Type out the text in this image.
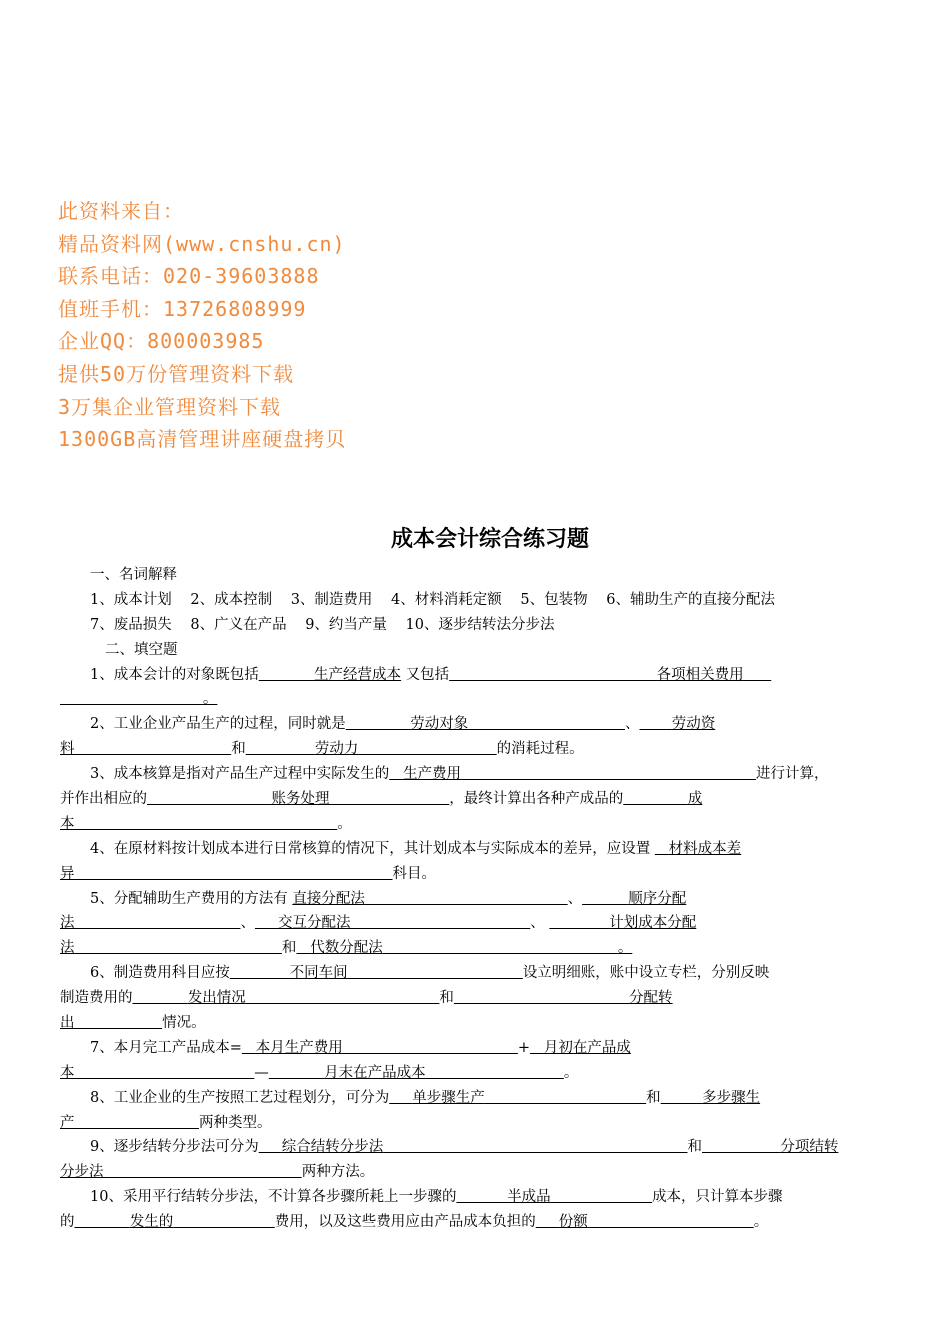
此资料来自：
精品资料网(www.cnshu.cn)
联系电话：020-39603888
值班手机：13726808999
企业QQ：800003985
提供50万份管理资料下载
3万集企业管理资料下载
1300GB高清管理讲座硬盘拷贝
成本会计综合练习题
一、名词解释
1、成本计划 2、成本控制 3、制造费用 4、材料消耗定额 5、包装物 6、辅助生产的直接分配法
7、废品损失 8、广义在产品 9、约当产量 10、逐步结转法分步法
二、填空题
1、成本会计的对象既包括	生产经营成本 又包括	各项相关费用
。
2、工业企业产品生产的过程，同时就是	劳动对象	、 劳动资
料	和	劳动力	的消耗过程。
3、成本核算是指对产品生产过程中实际发生的 生产费用	进行计算，
并作出相应的	账务处理	，最终计算出各种产成品的	成
本	。
4、在原材料按计划成本进行日常核算的情况下，其计划成本与实际成本的差异，应设置 材料成本差
异	科目。
5、分配辅助生产费用的方法有 直接分配法	、	顺序分配
法	、 交互分配法	、	计划成本分配
法	和 代数分配法	。
6、制造费用科目应按	不同车间	设立明细账，账中设立专栏，分别反映
制造费用的	发出情况	和	分配转
出	情况。
7、本月完工产品成本= 本月生产费用	+ 月初在产品成
本	—	月末在产品成本	。
8、工业企业的生产按照工艺过程划分，可分为 单步骤生产	和	多步骤生
产	两种类型。
9、逐步结转分步法可分为 综合结转分步法	和	分项结转
分步法	两种方法。
10、采用平行结转分步法，不计算各步骤所耗上一步骤的	半成品	成本，只计算本步骤
的	发生的	费用，以及这些费用应由产品成本负担的 份额	。
